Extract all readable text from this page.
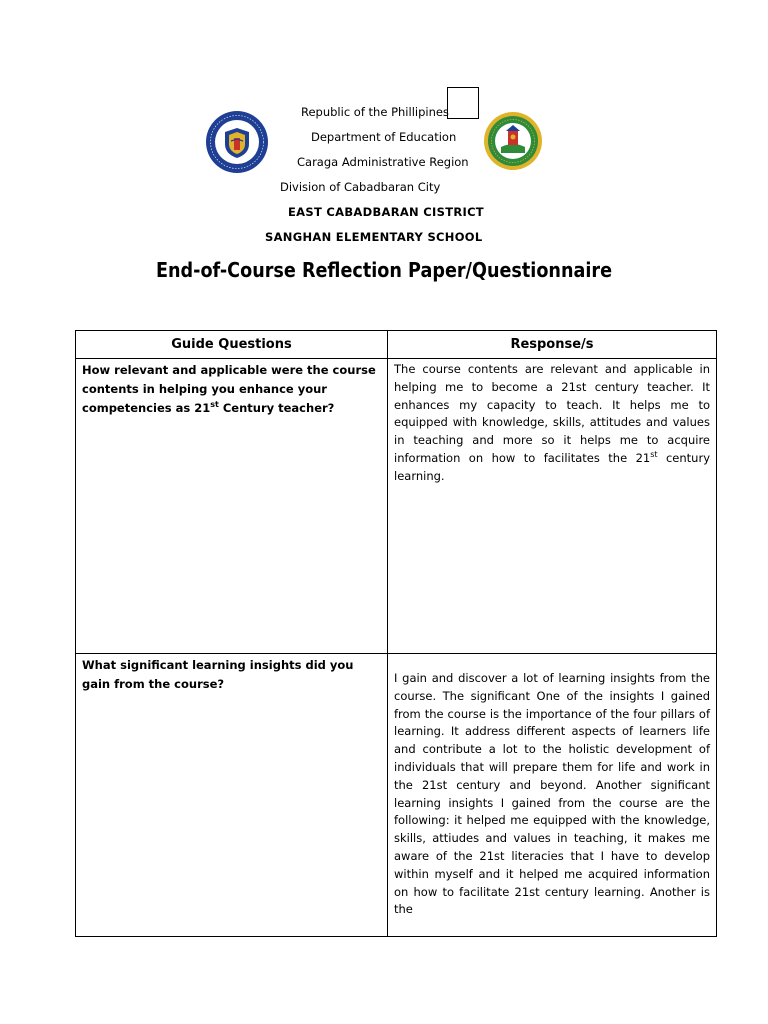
Republic of the Phillipines
Department of Education
Caraga Administrative Region
Division of Cabadbaran City
EAST CABADBARAN CISTRICT
SANGHAN ELEMENTARY SCHOOL
End-of-Course Reflection Paper/Questionnaire
Guide Questions	Response/s
How relevant and applicable were the course contents in helping you enhance your competencies as 21st Century teacher?	The course contents are relevant and applicable in helping me to become a 21st century teacher. It enhances my capacity to teach. It helps me to equipped with knowledge, skills, attitudes and values in teaching and more so it helps me to acquire information on how to facilitates the 21st century learning.
What significant learning insights did you gain from the course?	I gain and discover a lot of learning insights from the course. The significant One of the insights I gained from the course is the importance of the four pillars of learning. It address different aspects of learners life and contribute a lot to the holistic development of individuals that will prepare them for life and work in the 21st century and beyond. Another significant learning insights I gained from the course are the following: it helped me equipped with the knowledge, skills, attiudes and values in teaching, it makes me aware of the 21st literacies that I have to develop within myself and it helped me acquired information on how to facilitate 21st century learning. Another is the
